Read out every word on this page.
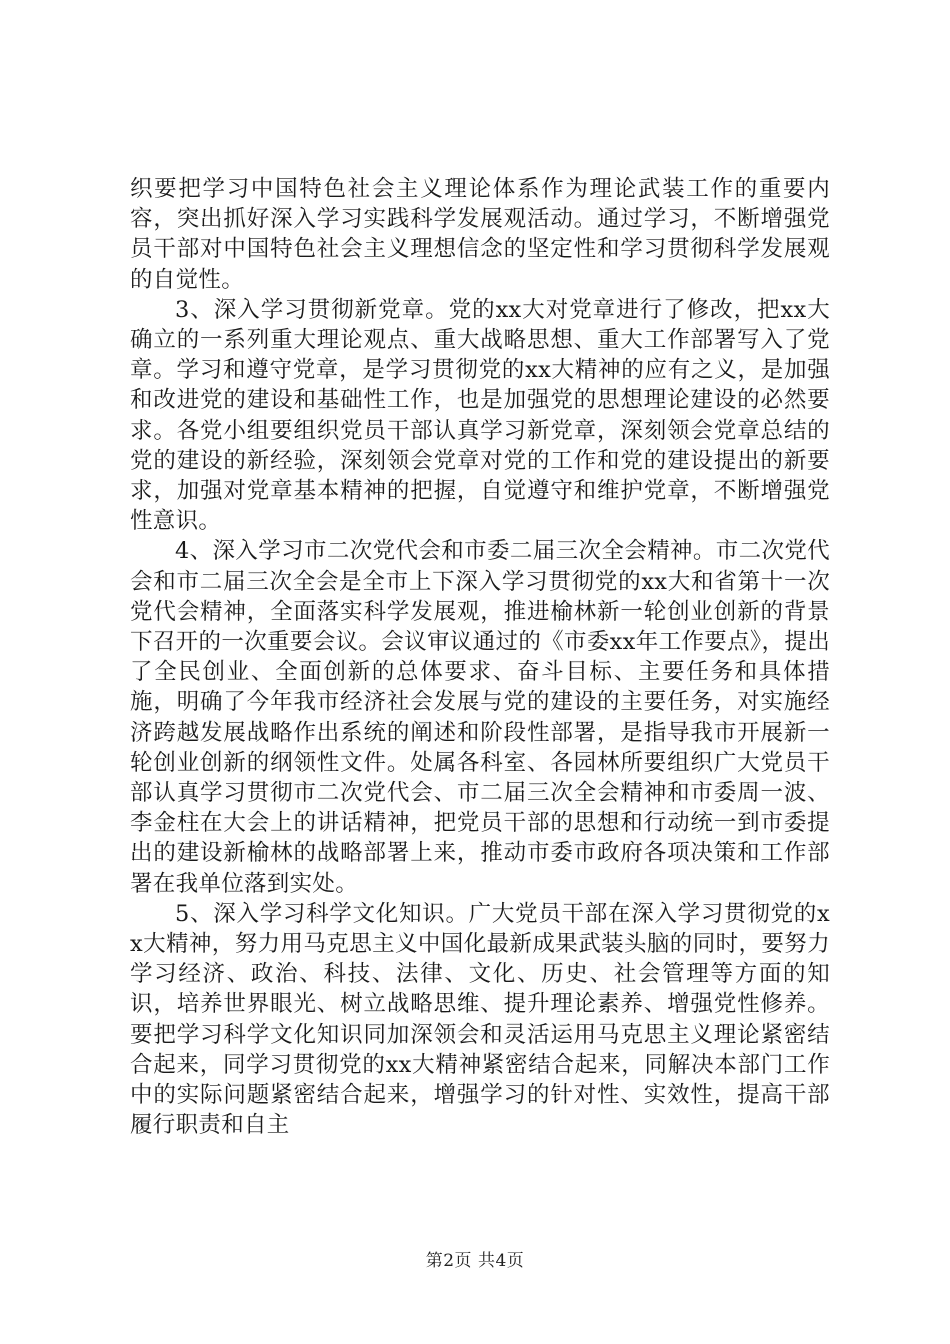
织要把学习中国特色社会主义理论体系作为理论武装工作的重要内容，突出抓好深入学习实践科学发展观活动。通过学习，不断增强党员干部对中国特色社会主义理想信念的坚定性和学习贯彻科学发展观的自觉性。

3、深入学习贯彻新党章。党的xx大对党章进行了修改，把xx大确立的一系列重大理论观点、重大战略思想、重大工作部署写入了党章。学习和遵守党章，是学习贯彻党的xx大精神的应有之义，是加强和改进党的建设和基础性工作，也是加强党的思想理论建设的必然要求。各党小组要组织党员干部认真学习新党章，深刻领会党章总结的党的建设的新经验，深刻领会党章对党的工作和党的建设提出的新要求，加强对党章基本精神的把握，自觉遵守和维护党章，不断增强党性意识。

4、深入学习市二次党代会和市委二届三次全会精神。市二次党代会和市二届三次全会是全市上下深入学习贯彻党的xx大和省第十一次党代会精神，全面落实科学发展观，推进榆林新一轮创业创新的背景下召开的一次重要会议。会议审议通过的《市委xx年工作要点》，提出了全民创业、全面创新的总体要求、奋斗目标、主要任务和具体措施，明确了今年我市经济社会发展与党的建设的主要任务，对实施经济跨越发展战略作出系统的阐述和阶段性部署，是指导我市开展新一轮创业创新的纲领性文件。处属各科室、各园林所要组织广大党员干部认真学习贯彻市二次党代会、市二届三次全会精神和市委周一波、李金柱在大会上的讲话精神，把党员干部的思想和行动统一到市委提出的建设新榆林的战略部署上来，推动市委市政府各项决策和工作部署在我单位落到实处。

5、深入学习科学文化知识。广大党员干部在深入学习贯彻党的xx大精神，努力用马克思主义中国化最新成果武装头脑的同时，要努力学习经济、政治、科技、法律、文化、历史、社会管理等方面的知识，培养世界眼光、树立战略思维、提升理论素养、增强党性修养。要把学习科学文化知识同加深领会和灵活运用马克思主义理论紧密结合起来，同学习贯彻党的xx大精神紧密结合起来，同解决本部门工作中的实际问题紧密结合起来，增强学习的针对性、实效性，提高干部履行职责和自主

第2页 共4页
